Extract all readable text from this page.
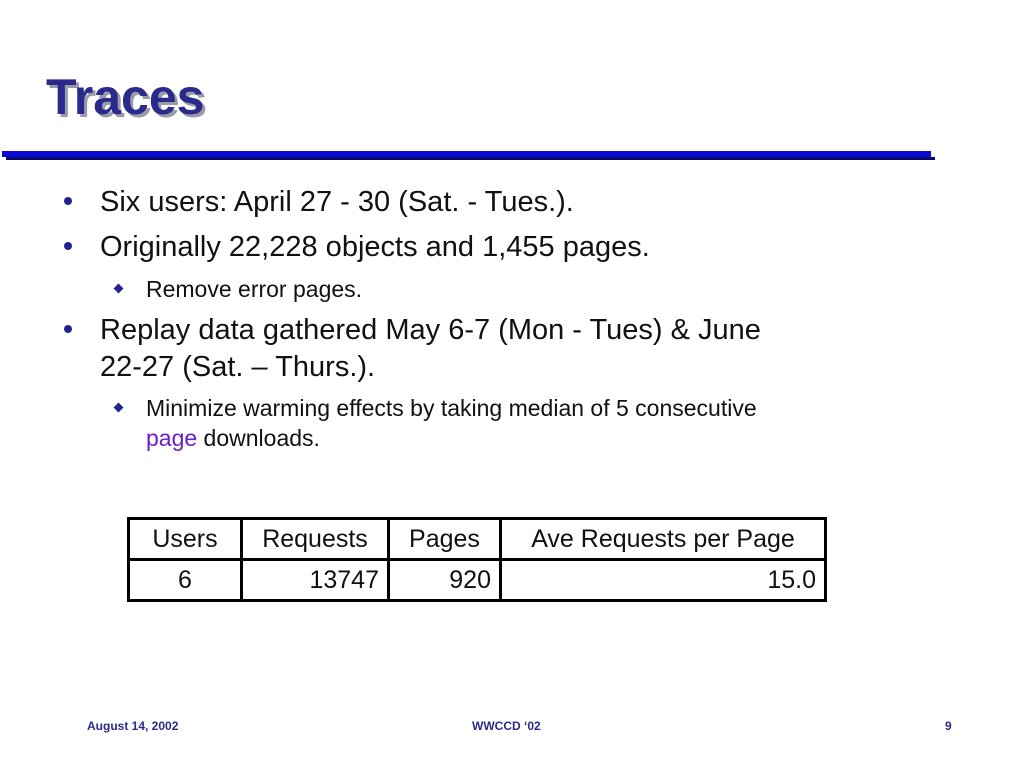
Traces
Six users: April 27 - 30 (Sat. - Tues.).
Originally 22,228 objects and 1,455 pages.
Remove error pages.
Replay data gathered May 6-7 (Mon - Tues) & June
22-27 (Sat. – Thurs.).
Minimize warming effects by taking median of 5 consecutive
page downloads.
Users	Requests	Pages	Ave Requests per Page
6	13747	920	15.0
August 14, 2002	WWCCD ‘02	9
